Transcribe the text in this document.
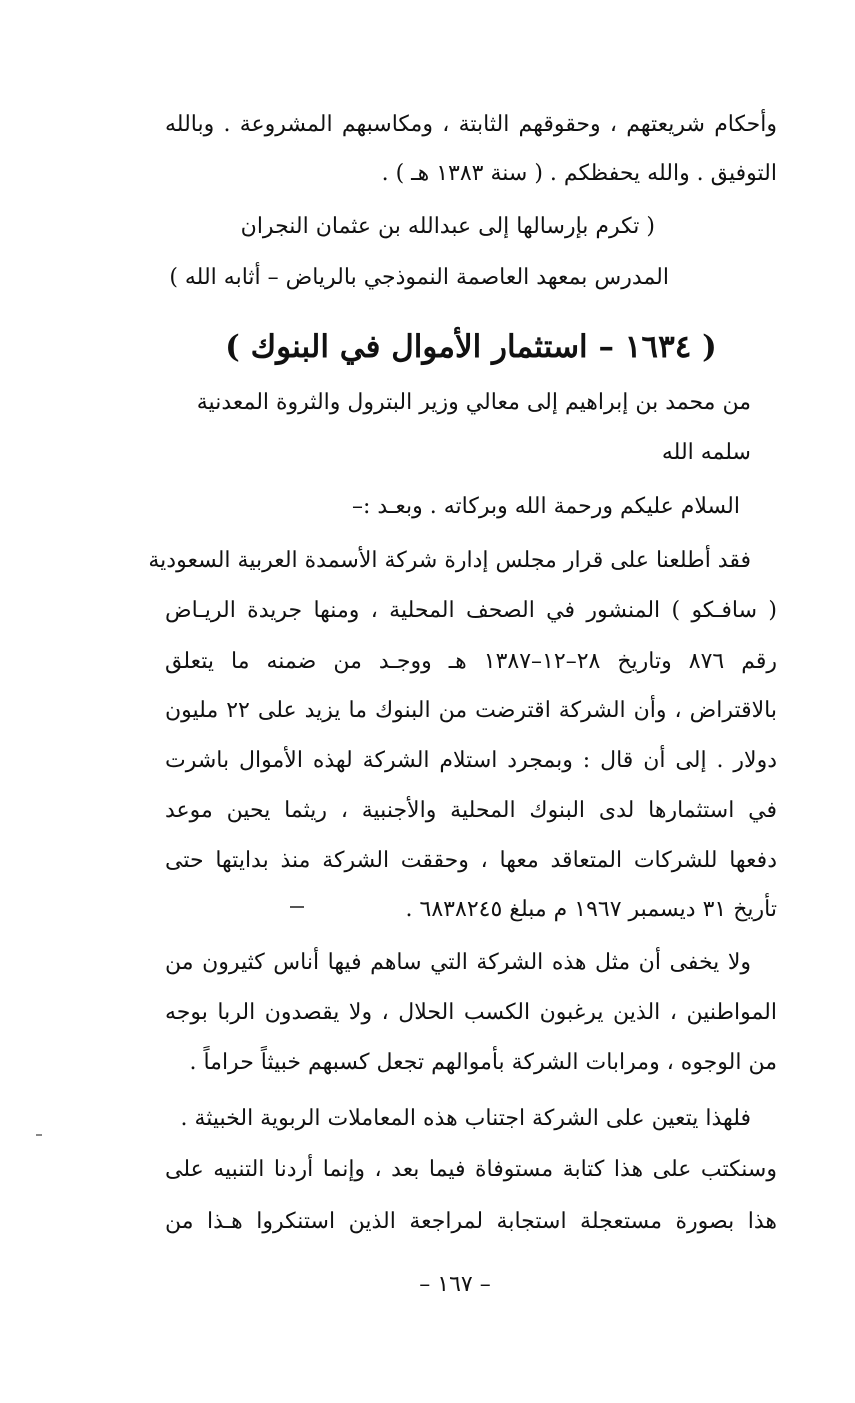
وأحكام شريعتهم ، وحقوقهم الثابتة ، ومكاسبهم المشروعة . وبالله
التوفيق . والله يحفظكم . ( سنة ١٣٨٣ هـ ) .
( تكرم بإرسالها إلى عبدالله بن عثمان النجران
المدرس بمعهد العاصمة النموذجي بالرياض – أثابه الله )
( ١٦٣٤ – استثمار الأموال في البنوك )
من محمد بن إبراهيم إلى معالي وزير البترول والثروة المعدنية
سلمه الله
السلام عليكم ورحمة الله وبركاته . وبعـد :–
فقد أطلعنا على قرار مجلس إدارة شركة الأسمدة العربية السعودية
( سافـكو ) المنشور في الصحف المحلية ، ومنها جريدة الريـاض
رقم ٨٧٦ وتاريخ ٢٨–١٢–١٣٨٧ هـ ووجـد من ضمنه ما يتعلق
بالاقتراض ، وأن الشركة اقترضت من البنوك ما يزيد على ٢٢ مليون
دولار . إلى أن قال : وبمجرد استلام الشركة لهذه الأموال باشرت
في استثمارها لدى البنوك المحلية والأجنبية ، ريثما يحين موعد
دفعها للشركات المتعاقد معها ، وحققت الشركة منذ بدايتها حتى
تأريخ ٣١ ديسمبر ١٩٦٧ م مبلغ ٦٨٣٨٢٤٥ .
ولا يخفى أن مثل هذه الشركة التي ساهم فيها أناس كثيرون من
المواطنين ، الذين يرغبون الكسب الحلال ، ولا يقصدون الربا بوجه
من الوجوه ، ومرابات الشركة بأموالهم تجعل كسبهم خبيثاً حراماً .
فلهذا يتعين على الشركة اجتناب هذه المعاملات الربوية الخبيثة .
وسنكتب على هذا كتابة مستوفاة فيما بعد ، وإنما أردنا التنبيه على
هذا بصورة مستعجلة استجابة لمراجعة الذين استنكروا هـذا من
– ١٦٧ –
